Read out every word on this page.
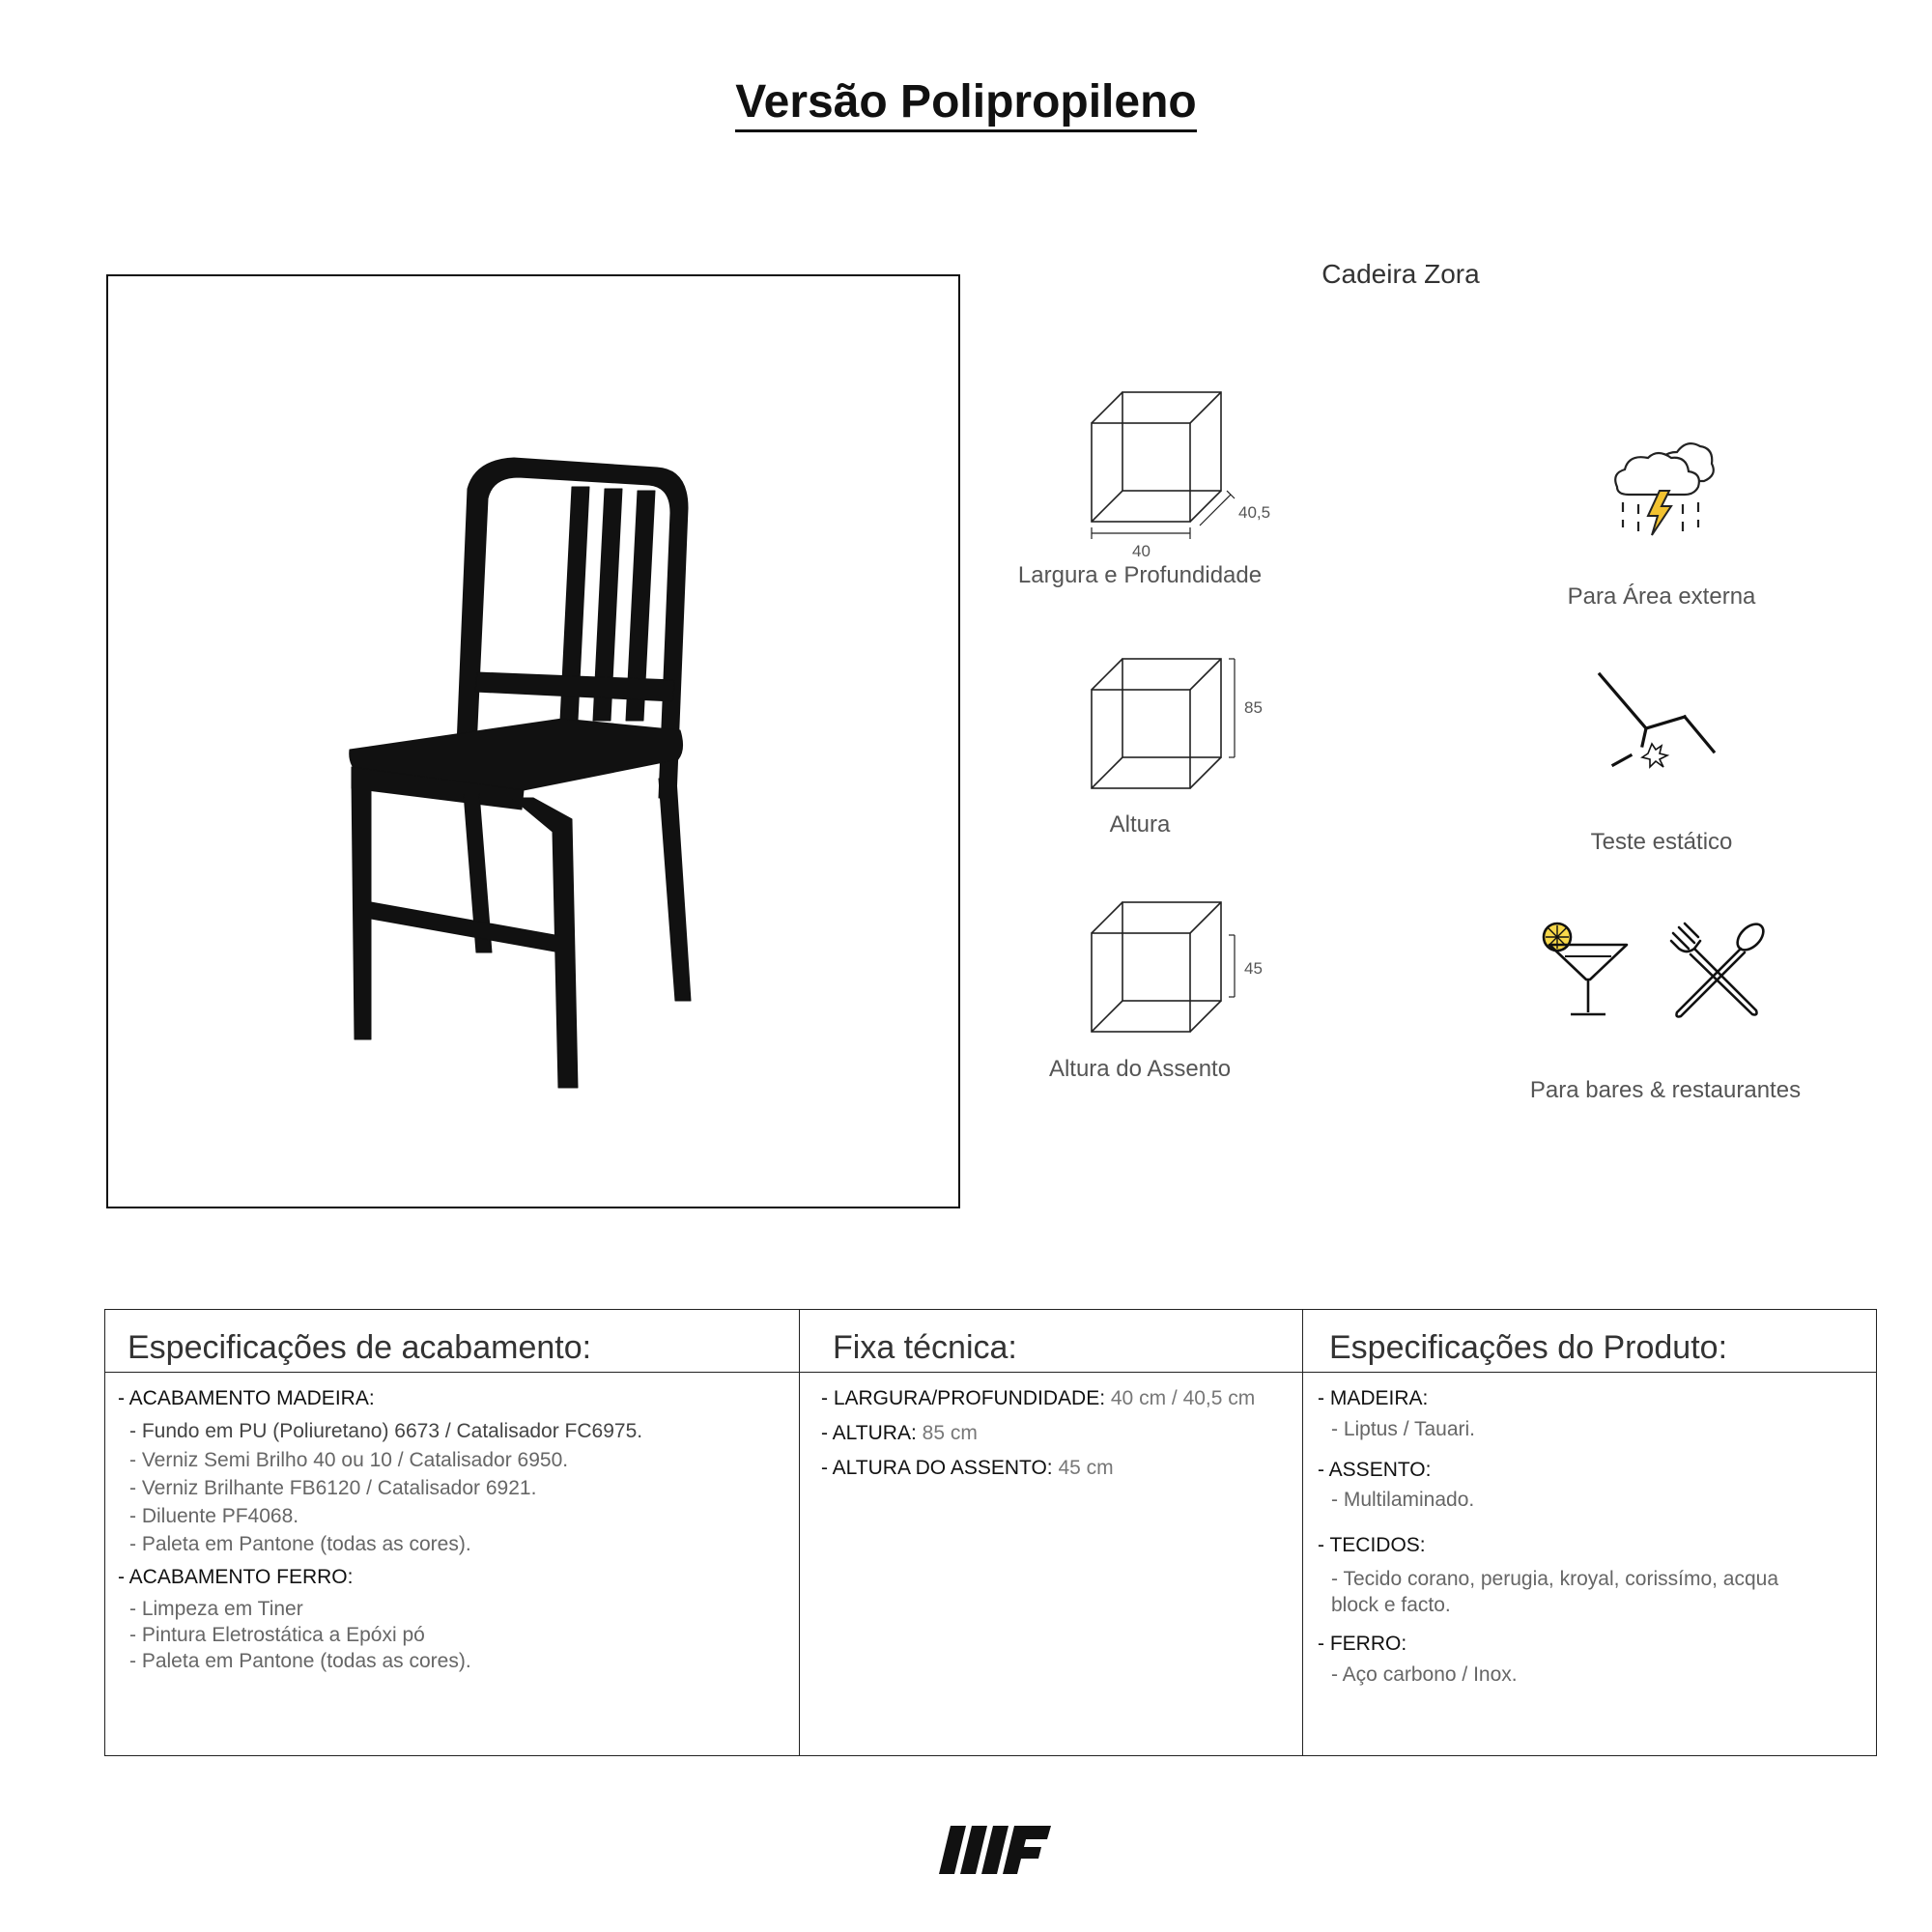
Versão Polipropileno
Cadeira Zora
40,5
40
Largura e Profundidade
85
Altura
45
Altura do Assento
Para Área externa
Teste estático
Para bares & restaurantes
Especificações de acabamento:
- ACABAMENTO MADEIRA:
- Fundo em PU (Poliuretano) 6673 / Catalisador FC6975.
- Verniz Semi Brilho 40 ou 10 / Catalisador 6950.
- Verniz Brilhante FB6120 / Catalisador 6921.
- Diluente PF4068.
- Paleta em Pantone (todas as cores).
- ACABAMENTO FERRO:
- Limpeza em Tiner
- Pintura Eletrostática a Epóxi pó
- Paleta em Pantone (todas as cores).
Fixa técnica:
- LARGURA/PROFUNDIDADE: 40 cm / 40,5 cm
- ALTURA: 85 cm
- ALTURA DO ASSENTO: 45 cm
Especificações do Produto:
- MADEIRA:
- Liptus / Tauari.
- ASSENTO:
- Multilaminado.
- TECIDOS:
- Tecido corano, perugia, kroyal, corissímo, acqua
block e facto.
- FERRO:
- Aço carbono / Inox.
